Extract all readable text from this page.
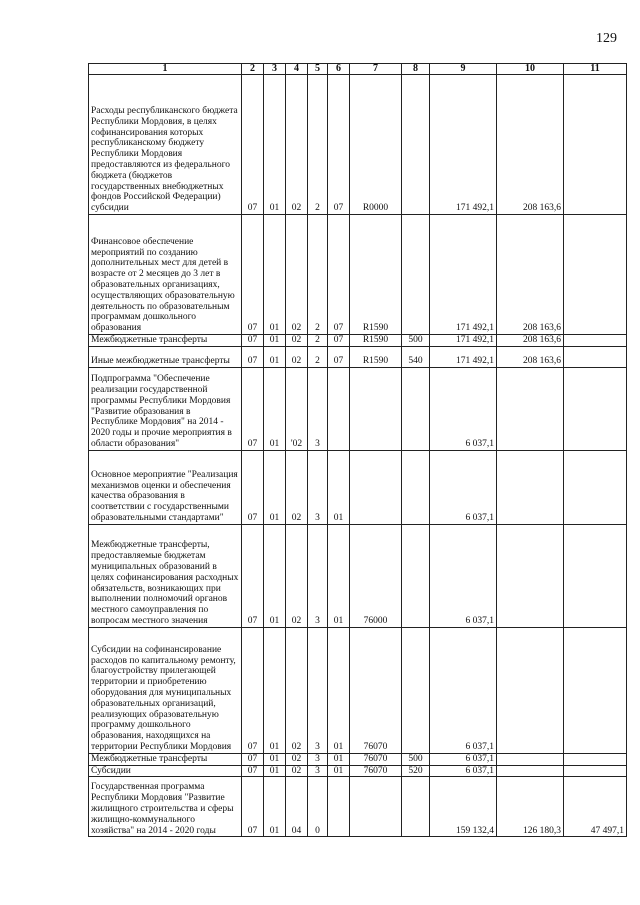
129
1	2	3	4	5	6	7	8	9	10	11
Расходы республиканского бюджета Республики Мордовия, в целях софинансирования которых республиканскому бюджету Республики Мордовия предоставляются из федерального бюджета (бюджетов государственных внебюджетных фондов Российской Федерации) субсидии	07	01	02	2	07	R0000		171 492,1	208 163,6	
Финансовое обеспечение мероприятий по созданию дополнительных мест для детей в возрасте от 2 месяцев до 3 лет в образовательных организациях, осуществляющих образовательную деятельность по образовательным программам дошкольного образования	07	01	02	2	07	R1590		171 492,1	208 163,6	
Межбюджетные трансферты	07	01	02	2	07	R1590	500	171 492,1	208 163,6	
Иные межбюджетные трансферты	07	01	02	2	07	R1590	540	171 492,1	208 163,6	
Подпрограмма "Обеспечение реализации государственной программы Республики Мордовия "Развитие образования в Республике Мордовия" на 2014 - 2020 годы и прочие мероприятия в области образования"	07	01	'02	3				6 037,1		
Основное мероприятие "Реализация механизмов оценки и обеспечения качества образования в соответствии с государственными образовательными стандартами"	07	01	02	3	01			6 037,1		
Межбюджетные трансферты, предоставляемые бюджетам муниципальных образований в целях софинансирования расходных обязательств, возникающих при выполнении полномочий органов местного самоуправления по вопросам местного значения	07	01	02	3	01	76000		6 037,1		
Субсидии на софинансирование расходов по капитальному ремонту, благоустройству прилегающей территории и приобретению оборудования для муниципальных образовательных организаций, реализующих образовательную программу дошкольного образования, находящихся на территории Республики Мордовия	07	01	02	3	01	76070		6 037,1		
Межбюджетные трансферты	07	01	02	3	01	76070	500	6 037,1		
Субсидии	07	01	02	3	01	76070	520	6 037,1		
Государственная программа Республики Мордовия "Развитие жилищного строительства и сферы жилищно-коммунального хозяйства" на 2014 - 2020 годы	07	01	04	0				159 132,4	126 180,3	47 497,1
